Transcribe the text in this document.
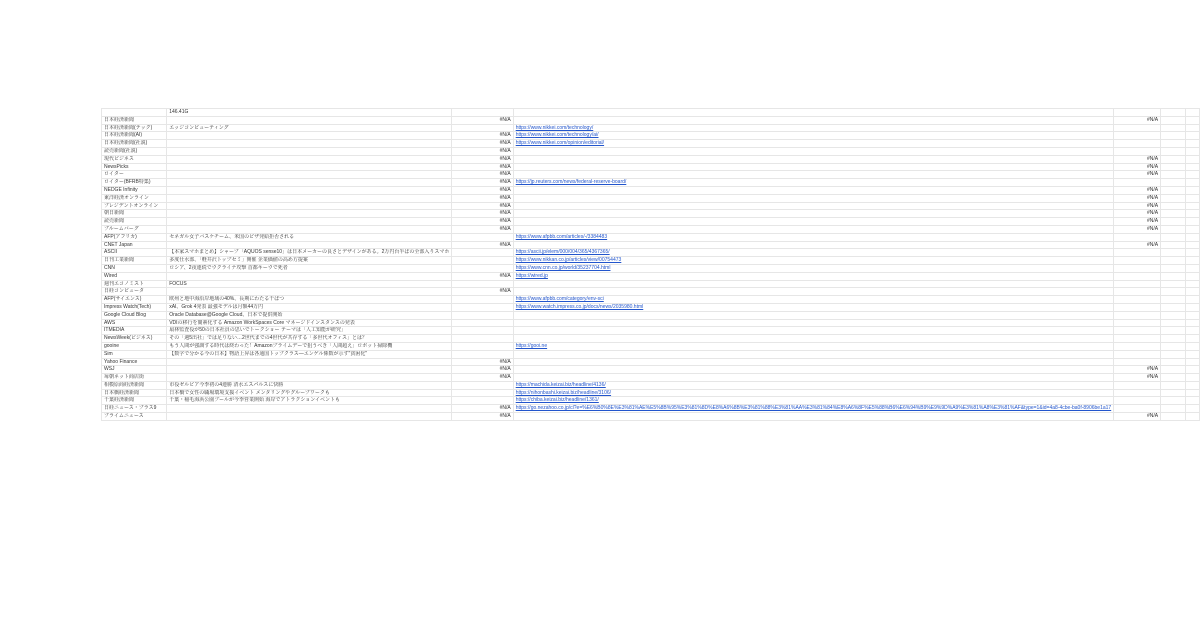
	146.41G					
日本経済新聞		#N/A		#N/A		
日本経済新聞(テック)	エッジコンピューティング		https://www.nikkei.com/technology/			
日本経済新聞(AI)		#N/A	https://www.nikkei.com/technology/ai/			
日本経済新聞(社説)		#N/A	https://www.nikkei.com/opinion/editorial/			
読売新聞(社説)		#N/A				
現代ビジネス		#N/A		#N/A		
NewsPicks		#N/A		#N/A		
ロイター		#N/A		#N/A		
ロイター(BFRB特集)		#N/A	https://jp.reuters.com/news/federal-reserve-board/			
NEDGE Infinity		#N/A		#N/A		
東洋経済オンライン		#N/A		#N/A		
プレジデントオンライン		#N/A		#N/A		
朝日新聞		#N/A		#N/A		
読売新聞		#N/A		#N/A		
ブルームバーグ		#N/A		#N/A		
AFP(アフリカ)	セネガル女子バスケチーム、米国のビザ発給拒否される		https://www.afpbb.com/articles/-/3384483			
CNET Japan		#N/A		#N/A		
ASCII	【本家スマホまとめ】シャープ「AQUOS sense10」は日本メーカーの良さとデザインがある。2万円台半ばの全部入りスマホ		https://ascii.jp/elem/000/004/365/4367365/			
日刊工業新聞	多度仕水部、「軽井沢トップセミ」開催 企業価値の高め方提案		https://www.nikkan.co.jp/articles/view/00754473			
CNN	ロシア、2夜連続でウクライナ攻撃 首都キーウで死者		https://www.cnn.co.jp/world/35237704.html			
Wired		#N/A	https://wired.jp			
週刊エコノミスト	FOCUS					
日経コンピュータ		#N/A				
AFP(サイエンス)	欧州と地中海沿岸地域の40%、長期にわたる干ばつ		https://www.afpbb.com/category/env-sci			
Impress Watch(Tech)	xAI、Grok 4発表 最強モデルは月額44万円		https://www.watch.impress.co.jp/docs/news/2035980.html			
Google Cloud Blog	Oracle Database@Google Cloud、日本で提供開始					
AWS	VDIの移行を簡素化する Amazon WorkSpaces Core マネージドインスタンスの発表					
ITMEDIA	扇林監査役が50の日本社員の思いでトークショー テーマは「人工知能が研究」					
NewsWeek(ビジネス)	その「週5出社」では足りない…2世代までの4世代が共存する「多世代オフィス」とは？					
gooine	もう人間が強調する時代は終わった！Amazonプライムデーで狙うべき「人間超え」ロボット掃除機		https://gooi.ne			
Sim	【数字で分かる今の日本】物語上昇は各通国トップクラス―エンゲル係数が示す"貧困化"					
Yahoo Finance		#N/A				
WSJ		#N/A		#N/A		
毎朝ネット商店街		#N/A		#N/A		
相模原商経済新聞	市役ゼルビア今季初の4連勝 清水エスパルスに快勝		https://machida.keizai.biz/headline/4136/			
日本橋経済新聞	日本橋で女性の職場環境支援イベント メンタリングやグループワークも		https://nihonbashi.keizai.biz/headline/3106/			
千葉経済新聞	千葉・稲毛海浜公園プールが今季営業開始 海岸でアトラクションイベントも		https://chiba.keizai.biz/headline/1361/			
日経ニュース・プラス9		#N/A	https://go.nezahoo.co.jp/cl?e=%E6%B0%8E%E3%81%AE%E5%8B%95%E3%81%8D%E8%A6%8B%E3%81%88%E3%81%AA%E3%81%84%E8%A6%8F%E5%88%B6%E6%94%B9%E9%9D%A9%E3%81%A8%E3%81%AF&type=1&id=4a8-4cbe-ba0f-8906be1a17			
プライムニュース		#N/A		#N/A		
